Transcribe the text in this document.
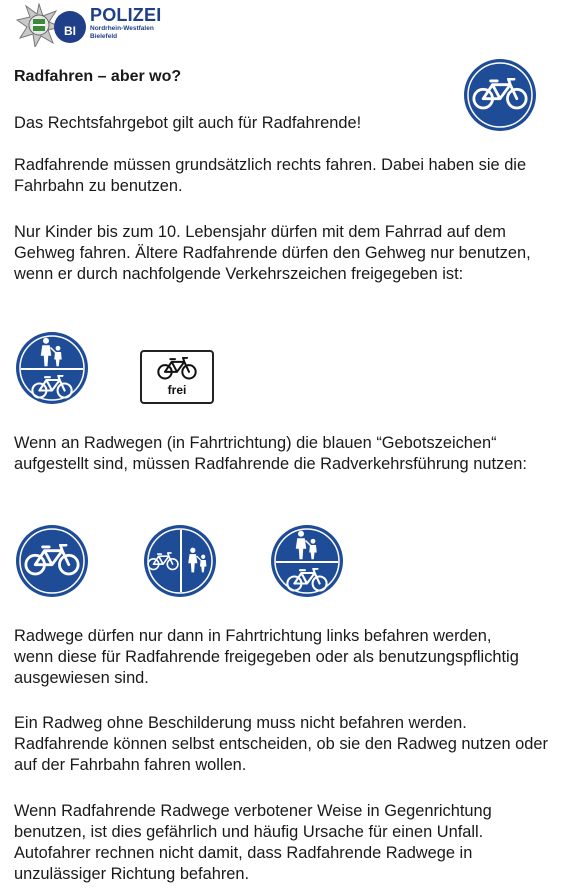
BI
POLIZEI
Nordrhein-Westfalen
Bielefeld
Radfahren – aber wo?

Das Rechtsfahrgebot gilt auch für Radfahrende!

Radfahrende müssen grundsätzlich rechts fahren. Dabei haben sie die Fahrbahn zu benutzen.

Nur Kinder bis zum 10. Lebensjahr dürfen mit dem Fahrrad auf dem Gehweg fahren. Ältere Radfahrende dürfen den Gehweg nur benutzen, wenn er durch nachfolgende Verkehrszeichen freigegeben ist:

frei

Wenn an Radwegen (in Fahrtrichtung) die blauen “Gebotszeichen“ aufgestellt sind, müssen Radfahrende die Radverkehrsführung nutzen:

Radwege dürfen nur dann in Fahrtrichtung links befahren werden, wenn diese für Radfahrende freigegeben oder als benutzungspflichtig ausgewiesen sind.

Ein Radweg ohne Beschilderung muss nicht befahren werden. Radfahrende können selbst entscheiden, ob sie den Radweg nutzen oder auf der Fahrbahn fahren wollen.

Wenn Radfahrende Radwege verbotener Weise in Gegenrichtung benutzen, ist dies gefährlich und häufig Ursache für einen Unfall. Autofahrer rechnen nicht damit, dass Radfahrende Radwege in unzulässiger Richtung befahren.
